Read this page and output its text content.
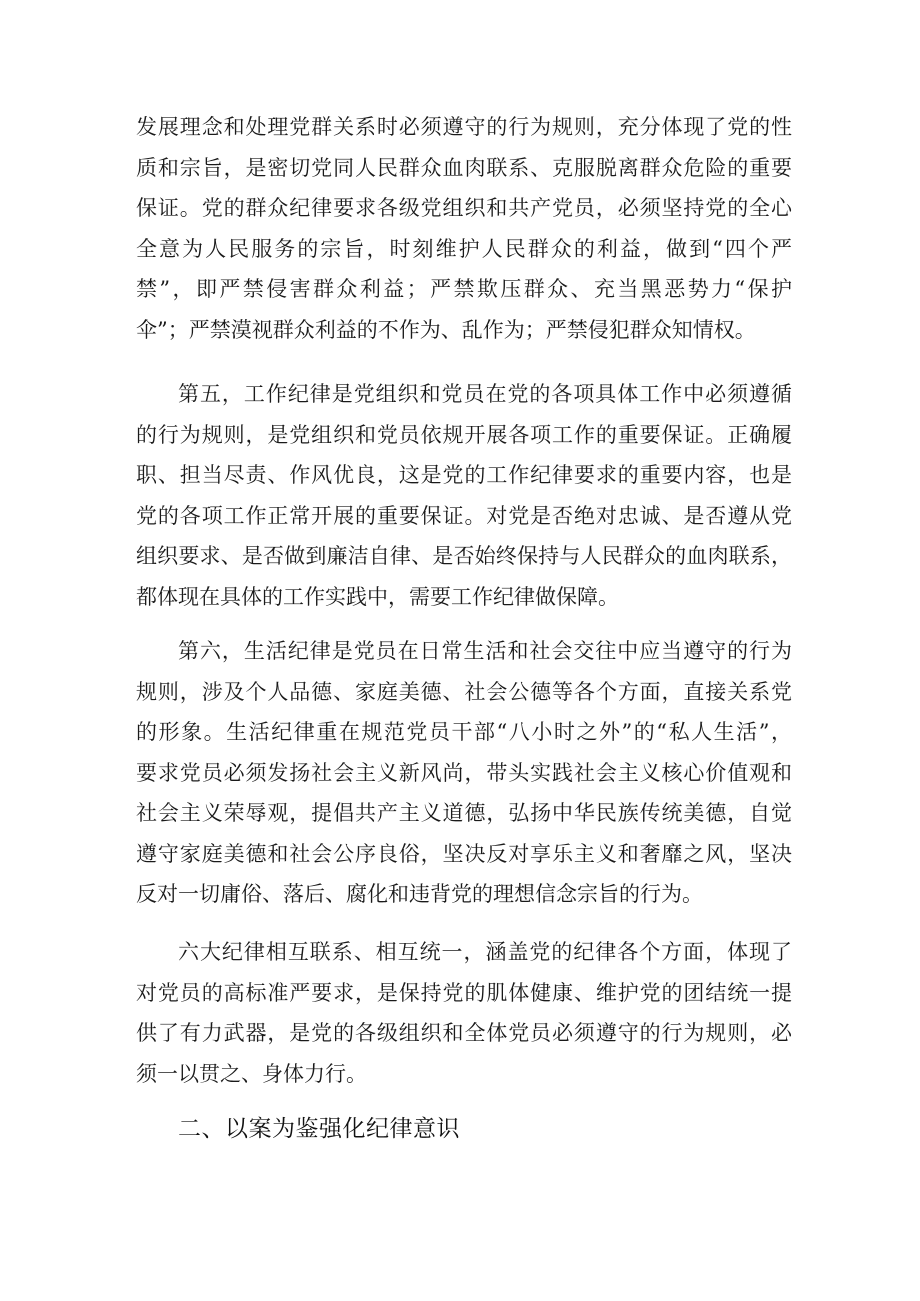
发展理念和处理党群关系时必须遵守的行为规则，充分体现了党的性
质和宗旨，是密切党同人民群众血肉联系、克服脱离群众危险的重要
保证。党的群众纪律要求各级党组织和共产党员，必须坚持党的全心
全意为人民服务的宗旨，时刻维护人民群众的利益，做到“四个严
禁”，即严禁侵害群众利益；严禁欺压群众、充当黑恶势力“保护
伞”；严禁漠视群众利益的不作为、乱作为；严禁侵犯群众知情权。
第五，工作纪律是党组织和党员在党的各项具体工作中必须遵循
的行为规则，是党组织和党员依规开展各项工作的重要保证。正确履
职、担当尽责、作风优良，这是党的工作纪律要求的重要内容，也是
党的各项工作正常开展的重要保证。对党是否绝对忠诚、是否遵从党
组织要求、是否做到廉洁自律、是否始终保持与人民群众的血肉联系，
都体现在具体的工作实践中，需要工作纪律做保障。
第六，生活纪律是党员在日常生活和社会交往中应当遵守的行为
规则，涉及个人品德、家庭美德、社会公德等各个方面，直接关系党
的形象。生活纪律重在规范党员干部“八小时之外”的“私人生活”，
要求党员必须发扬社会主义新风尚，带头实践社会主义核心价值观和
社会主义荣辱观，提倡共产主义道德，弘扬中华民族传统美德，自觉
遵守家庭美德和社会公序良俗，坚决反对享乐主义和奢靡之风，坚决
反对一切庸俗、落后、腐化和违背党的理想信念宗旨的行为。
六大纪律相互联系、相互统一，涵盖党的纪律各个方面，体现了
对党员的高标准严要求，是保持党的肌体健康、维护党的团结统一提
供了有力武器，是党的各级组织和全体党员必须遵守的行为规则，必
须一以贯之、身体力行。
二、以案为鉴强化纪律意识
